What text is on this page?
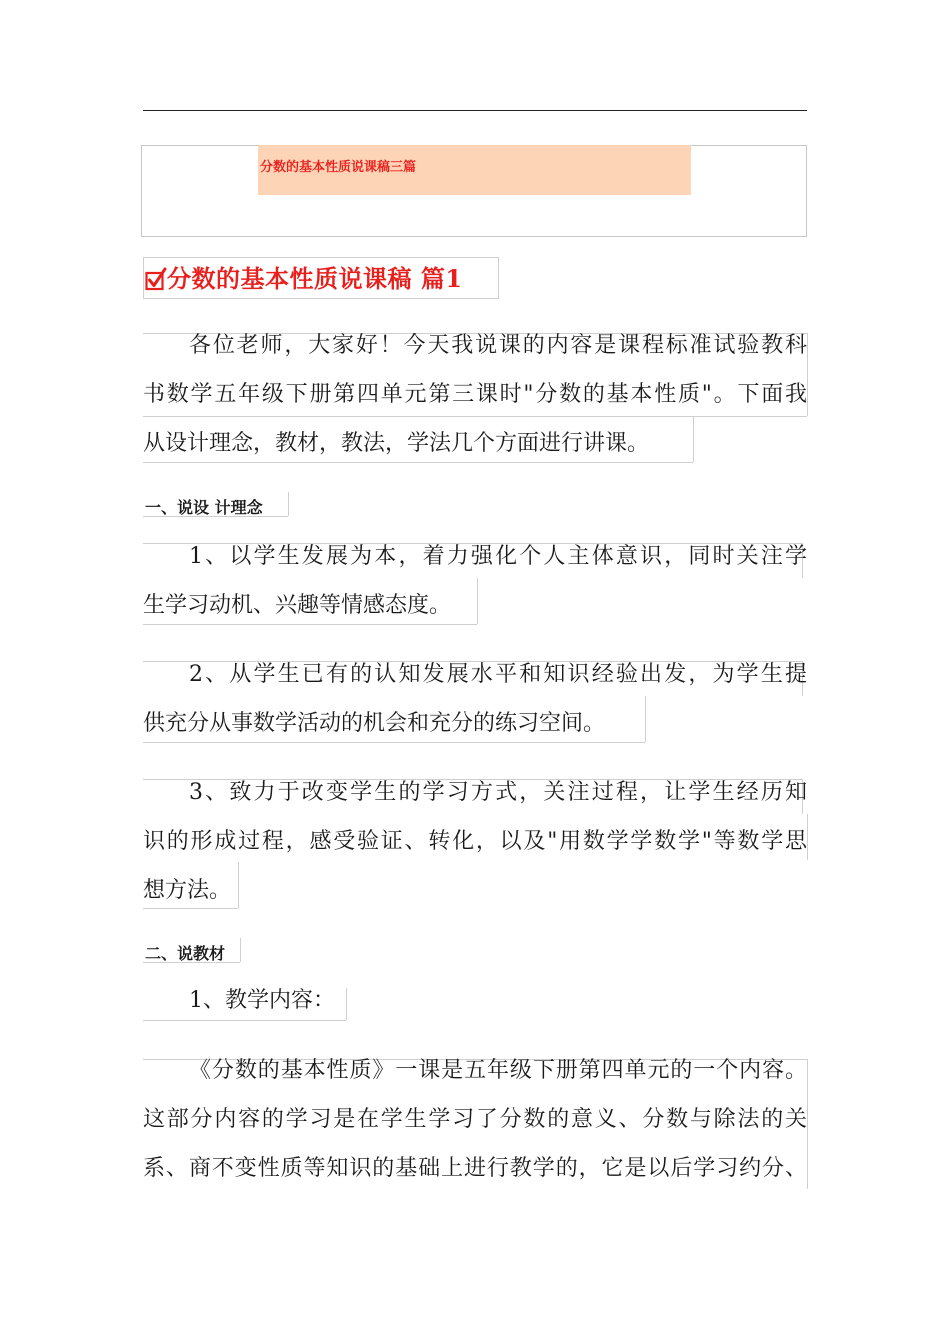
分数的基本性质说课稿三篇
分数的基本性质说课稿 篇1
各位老师，大家好！今天我说课的内容是课程标准试验教科
书数学五年级下册第四单元第三课时"分数的基本性质"。下面我
从设计理念，教材，教法，学法几个方面进行讲课。
一、说设 计理念
1、以学生发展为本，着力强化个人主体意识，同时关注学
生学习动机、兴趣等情感态度。
2、从学生已有的认知发展水平和知识经验出发，为学生提
供充分从事数学活动的机会和充分的练习空间。
3、致力于改变学生的学习方式，关注过程，让学生经历知
识的形成过程，感受验证、转化，以及"用数学学数学"等数学思
想方法。
二、说教材
1、教学内容：
《分数的基本性质》一课是五年级下册第四单元的一个内容。
这部分内容的学习是在学生学习了分数的意义、分数与除法的关
系、商不变性质等知识的基础上进行教学的，它是以后学习约分、
